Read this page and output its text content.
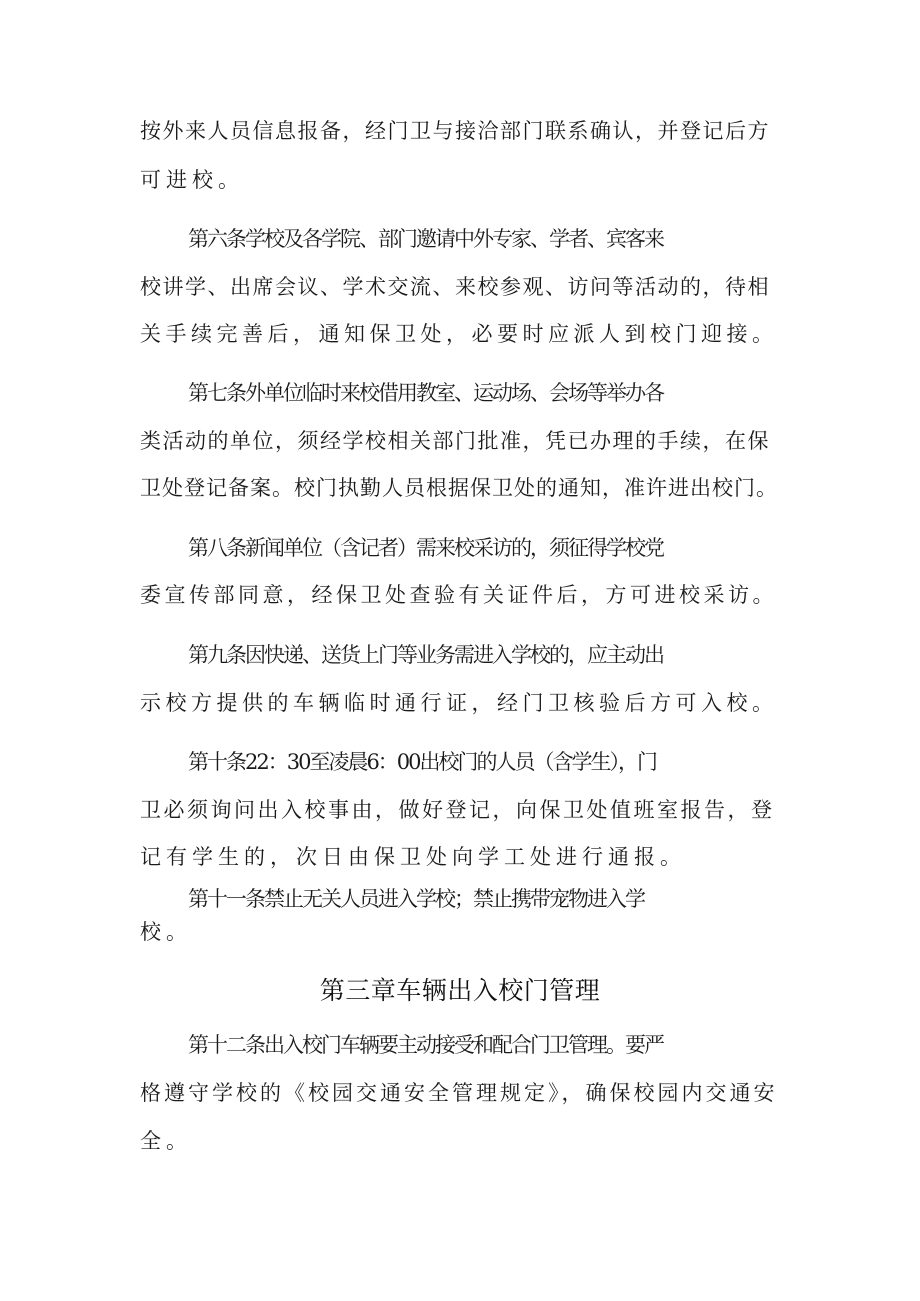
按外来人员信息报备，经门卫与接洽部门联系确认，并登记后方
可进校。
第六条学校及各学院、部门邀请中外专家、学者、宾客来
校讲学、出席会议、学术交流、来校参观、访问等活动的，待相
关手续完善后，通知保卫处，必要时应派人到校门迎接。
第七条外单位临时来校借用教室、运动场、会场等举办各
类活动的单位，须经学校相关部门批准，凭已办理的手续，在保
卫处登记备案。校门执勤人员根据保卫处的通知，准许进出校门。
第八条新闻单位（含记者）需来校采访的，须征得学校党
委宣传部同意，经保卫处查验有关证件后，方可进校采访。
第九条因快递、送货上门等业务需进入学校的，应主动出
示校方提供的车辆临时通行证，经门卫核验后方可入校。
第十条22：30至凌晨6：00出校门的人员（含学生），门
卫必须询问出入校事由，做好登记，向保卫处值班室报告，登
记有学生的，次日由保卫处向学工处进行通报。
第十一条禁止无关人员进入学校；禁止携带宠物进入学
校。
第三章车辆出入校门管理
第十二条出入校门车辆要主动接受和配合门卫管理。要严
格遵守学校的《校园交通安全管理规定》，确保校园内交通安
全。
